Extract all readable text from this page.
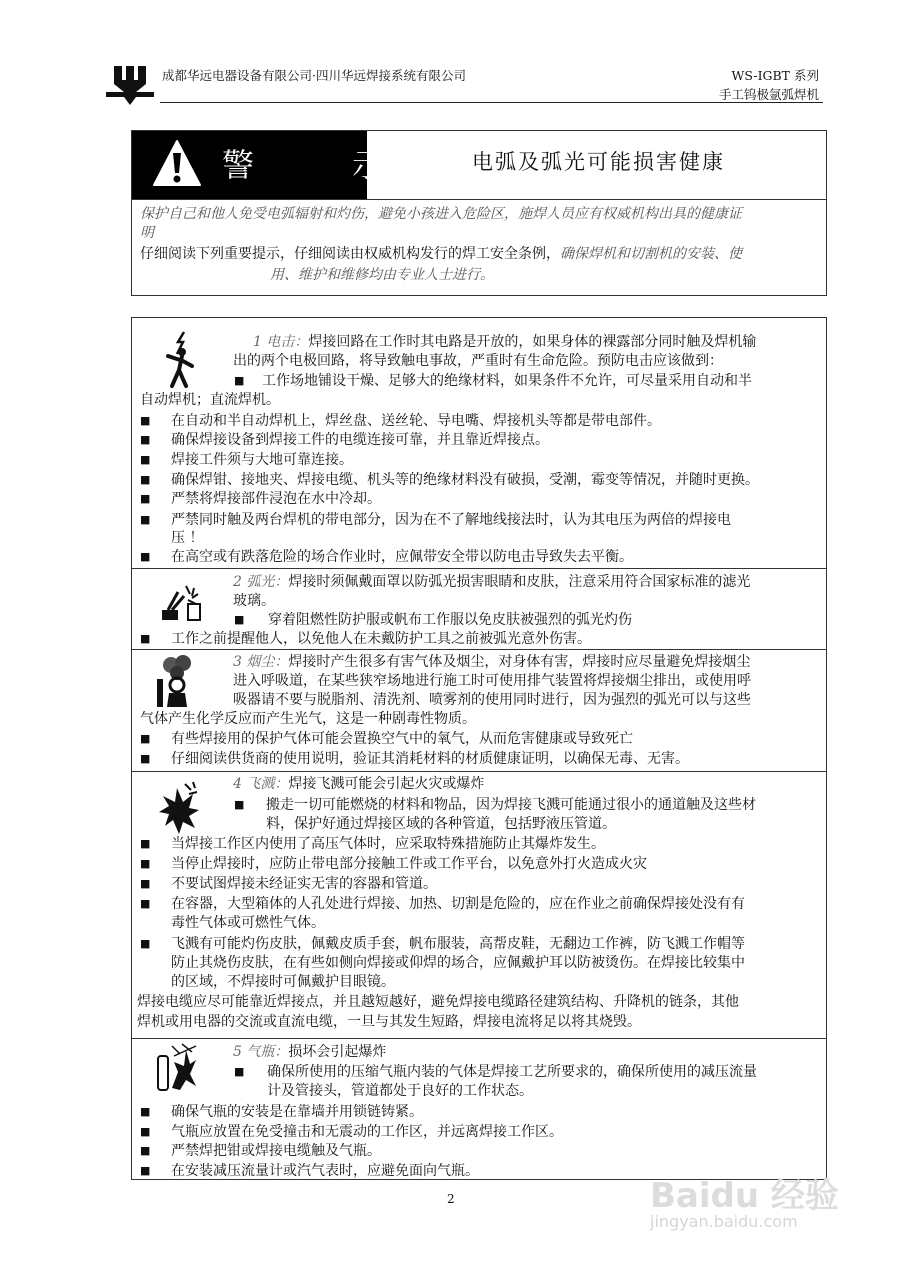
成都华远电器设备有限公司·四川华远焊接系统有限公司	WS-IGBT 系列
手工钨极氩弧焊机
警 示 电弧及弧光可能损害健康
保护自己和他人免受电弧辐射和灼伤，避免小孩进入危险区，施焊人员应有权威机构出具的健康证
明
仔细阅读下列重要提示，仔细阅读由权威机构发行的焊工安全条例，确保焊机和切割机的安装、使
用、维护和维修均由专业人士进行。
1 电击：焊接回路在工作时其电路是开放的，如果身体的裸露部分同时触及焊机输
出的两个电极回路，将导致触电事故，严重时有生命危险。预防电击应该做到：
■ 工作场地铺设干燥、足够大的绝缘材料，如果条件不允许，可尽量采用自动和半
自动焊机；直流焊机。
■ 在自动和半自动焊机上，焊丝盘、送丝轮、导电嘴、焊接机头等都是带电部件。
■ 确保焊接设备到焊接工件的电缆连接可靠，并且靠近焊接点。
■ 焊接工件须与大地可靠连接。
■ 确保焊钳、接地夹、焊接电缆、机头等的绝缘材料没有破损，受潮，霉变等情况，并随时更换。
■ 严禁将焊接部件浸泡在水中冷却。
■ 严禁同时触及两台焊机的带电部分，因为在不了解地线接法时，认为其电压为两倍的焊接电
压 ！
■ 在高空或有跌落危险的场合作业时，应佩带安全带以防电击导致失去平衡。
2 弧光：焊接时须佩戴面罩以防弧光损害眼睛和皮肤，注意采用符合国家标准的滤光
玻璃。
■ 穿着阻燃性防护服或帆布工作服以免皮肤被强烈的弧光灼伤
■ 工作之前提醒他人，以免他人在未戴防护工具之前被弧光意外伤害。
3 烟尘：焊接时产生很多有害气体及烟尘，对身体有害，焊接时应尽量避免焊接烟尘
进入呼吸道，在某些狭窄场地进行施工时可使用排气装置将焊接烟尘排出，或使用呼
吸器请不要与脱脂剂、清洗剂、喷雾剂的使用同时进行，因为强烈的弧光可以与这些
气体产生化学反应而产生光气，这是一种剧毒性物质。
■ 有些焊接用的保护气体可能会置换空气中的氧气，从而危害健康或导致死亡
■ 仔细阅读供货商的使用说明，验证其消耗材料的材质健康证明，以确保无毒、无害。
4 飞溅：焊接飞溅可能会引起火灾或爆炸
■ 搬走一切可能燃烧的材料和物品，因为焊接飞溅可能通过很小的通道触及这些材
料，保护好通过焊接区域的各种管道，包括野液压管道。
■ 当焊接工作区内使用了高压气体时，应采取特殊措施防止其爆炸发生。
■ 当停止焊接时，应防止带电部分接触工件或工作平台，以免意外打火造成火灾
■ 不要试图焊接未经证实无害的容器和管道。
■ 在容器，大型箱体的人孔处进行焊接、加热、切割是危险的，应在作业之前确保焊接处没有有
毒性气体或可燃性气体。
■ 飞溅有可能灼伤皮肤，佩戴皮质手套，帆布服装，高帮皮鞋，无翻边工作裤，防飞溅工作帽等
防止其烧伤皮肤，在有些如侧向焊接或仰焊的场合，应佩戴护耳以防被烫伤。在焊接比较集中
的区域，不焊接时可佩戴护目眼镜。
焊接电缆应尽可能靠近焊接点，并且越短越好，避免焊接电缆路径建筑结构、升降机的链条，其他
焊机或用电器的交流或直流电缆，一旦与其发生短路，焊接电流将足以将其烧毁。
5 气瓶：损坏会引起爆炸
■ 确保所使用的压缩气瓶内装的气体是焊接工艺所要求的，确保所使用的减压流量
计及管接头，管道都处于良好的工作状态。
■ 确保气瓶的安装是在靠墙并用锁链铸紧。
■ 气瓶应放置在免受撞击和无震动的工作区，并远离焊接工作区。
■ 严禁焊把钳或焊接电缆触及气瓶。
■ 在安装减压流量计或汽气表时，应避免面向气瓶。
2	Baidu 经验
jingyan.baidu.com
